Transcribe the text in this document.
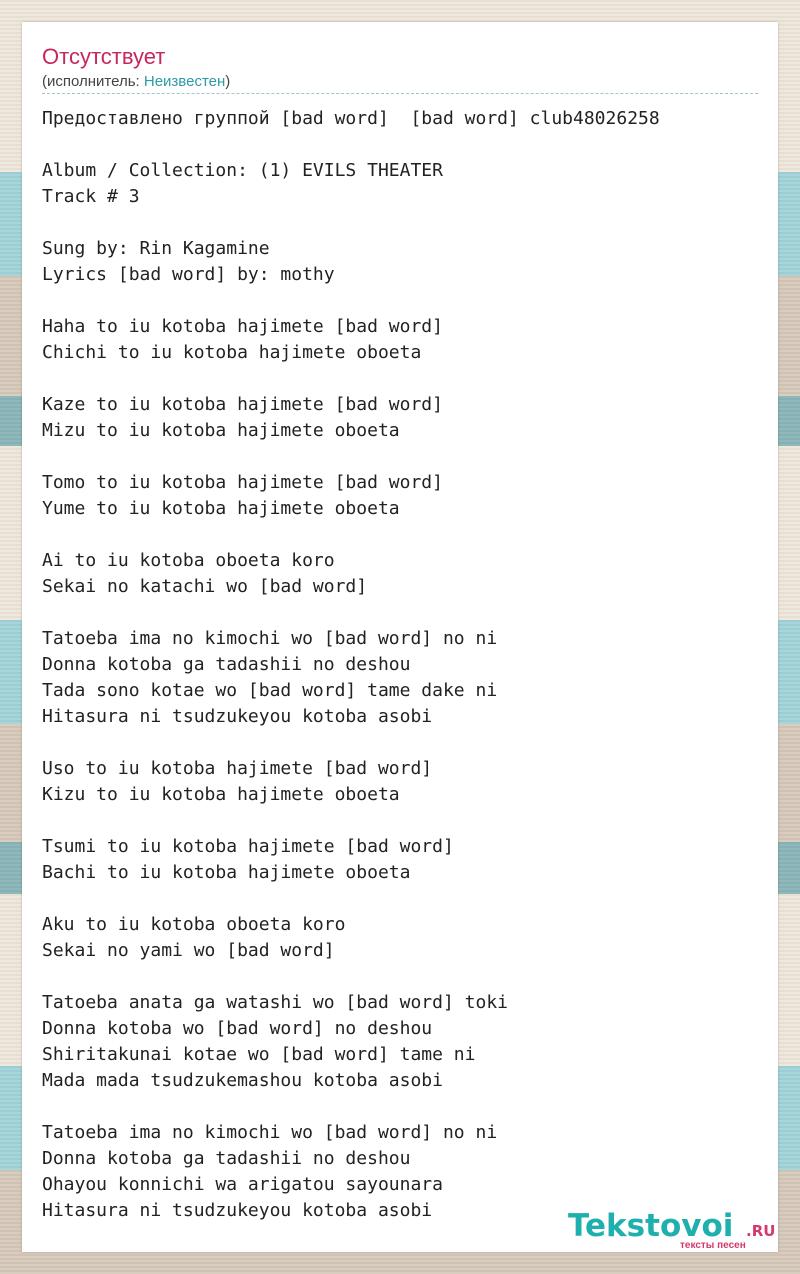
Отсутствует
(исполнитель: Неизвестен)
Предоставлено группой [bad word]  [bad word] club48026258

Album / Collection: (1) EVILS THEATER
Track # 3

Sung by: Rin Kagamine
Lyrics [bad word] by: mothy

Haha to iu kotoba hajimete [bad word]
Chichi to iu kotoba hajimete oboeta

Kaze to iu kotoba hajimete [bad word]
Mizu to iu kotoba hajimete oboeta

Tomo to iu kotoba hajimete [bad word]
Yume to iu kotoba hajimete oboeta

Ai to iu kotoba oboeta koro
Sekai no katachi wo [bad word]

Tatoeba ima no kimochi wo [bad word] no ni
Donna kotoba ga tadashii no deshou
Tada sono kotae wo [bad word] tame dake ni
Hitasura ni tsudzukeyou kotoba asobi

Uso to iu kotoba hajimete [bad word]
Kizu to iu kotoba hajimete oboeta

Tsumi to iu kotoba hajimete [bad word]
Bachi to iu kotoba hajimete oboeta

Aku to iu kotoba oboeta koro
Sekai no yami wo [bad word]

Tatoeba anata ga watashi wo [bad word] toki
Donna kotoba wo [bad word] no deshou
Shiritakunai kotae wo [bad word] tame ni
Mada mada tsudzukemashou kotoba asobi

Tatoeba ima no kimochi wo [bad word] no ni
Donna kotoba ga tadashii no deshou
Ohayou konnichi wa arigatou sayounara
Hitasura ni tsudzukeyou kotoba asobi	Tekstovoi .RU
тексты песен
